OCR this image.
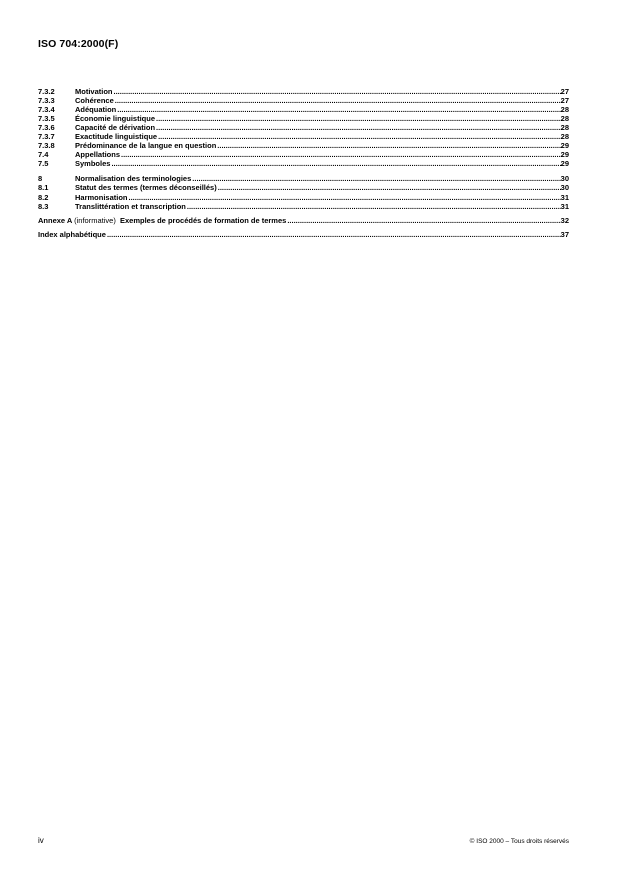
ISO 704:2000(F)
7.3.2	Motivation .....	27
7.3.3	Cohérence .....	27
7.3.4	Adéquation .....	28
7.3.5	Économie linguistique .....	28
7.3.6	Capacité de dérivation .....	28
7.3.7	Exactitude linguistique .....	28
7.3.8	Prédominance de la langue en question .....	29
7.4	Appellations .....	29
7.5	Symboles .....	29
8	Normalisation des terminologies .....	30
8.1	Statut des termes (termes déconseillés) .....	30
8.2	Harmonisation .....	31
8.3	Translittération et transcription .....	31
Annexe A (informative) Exemples de procédés de formation de termes .....	32
Index alphabétique .....	37
iv	© ISO 2000 – Tous droits réservés
